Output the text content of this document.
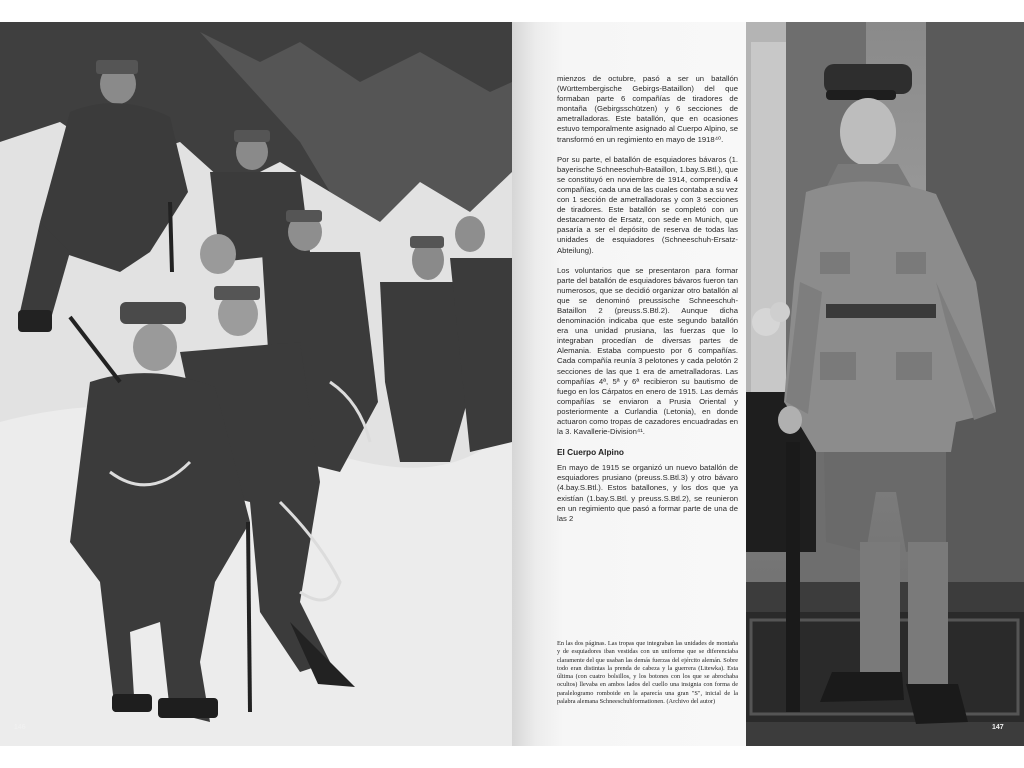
mienzos de octubre, pasó a ser un batallón (Württembergische Gebirgs-Bataillon) del que formaban parte 6 compañías de tiradores de montaña (Gebirgsschützen) y 6 secciones de ametralladoras. Este batallón, que en ocasiones estuvo temporalmente asignado al Cuerpo Alpino, se transformó en un regimiento en mayo de 1918⁴⁰.

Por su parte, el batallón de esquiadores bávaros (1. bayerische Schneeschuh-Bataillon, 1.bay.S.Btl.), que se constituyó en noviembre de 1914, comprendía 4 compañías, cada una de las cuales contaba a su vez con 1 sección de ametralladoras y con 3 secciones de tiradores. Este batallón se completó con un destacamento de Ersatz, con sede en Munich, que pasaría a ser el depósito de reserva de todas las unidades de esquiadores (Schneeschuh-Ersatz-Abteilung).

Los voluntarios que se presentaron para formar parte del batallón de esquiadores bávaros fueron tan numerosos, que se decidió organizar otro batallón al que se denominó preussische Schneeschuh-Bataillon 2 (preuss.S.Btl.2). Aunque dicha denominación indicaba que este segundo batallón era una unidad prusiana, las fuerzas que lo integraban procedían de diversas partes de Alemania. Estaba compuesto por 6 compañías. Cada compañía reunía 3 pelotones y cada pelotón 2 secciones de las que 1 era de ametralladoras. Las compañías 4ª, 5ª y 6ª recibieron su bautismo de fuego en los Cárpatos en enero de 1915. Las demás compañías se enviaron a Prusia Oriental y posteriormente a Curlandia (Letonia), en donde actuaron como tropas de cazadores encuadradas en la 3. Kavallerie-Division⁴¹.

El Cuerpo Alpino

En mayo de 1915 se organizó un nuevo batallón de esquiadores prusiano (preuss.S.Btl.3) y otro bávaro (4.bay.S.Btl.). Estos batallones, y los dos que ya existían (1.bay.S.Btl. y preuss.S.Btl.2), se reunieron en un regimiento que pasó a formar parte de una de las 2

En las dos páginas. Las tropas que integraban las unidades de montaña y de esquiadores iban vestidas con un uniforme que se diferenciaba claramente del que usaban las demás fuerzas del ejército alemán. Sobre todo eran distintas la prenda de cabeza y la guerrera (Litewka). Esta última (con cuatro bolsillos, y los botones con los que se abrochaba ocultos) llevaba en ambos lados del cuello una insignia con forma de paralelogramo romboide en la aparecía una gran "S", inicial de la palabra alemana Schneeschuhformationen. (Archivo del autor)
146	147
